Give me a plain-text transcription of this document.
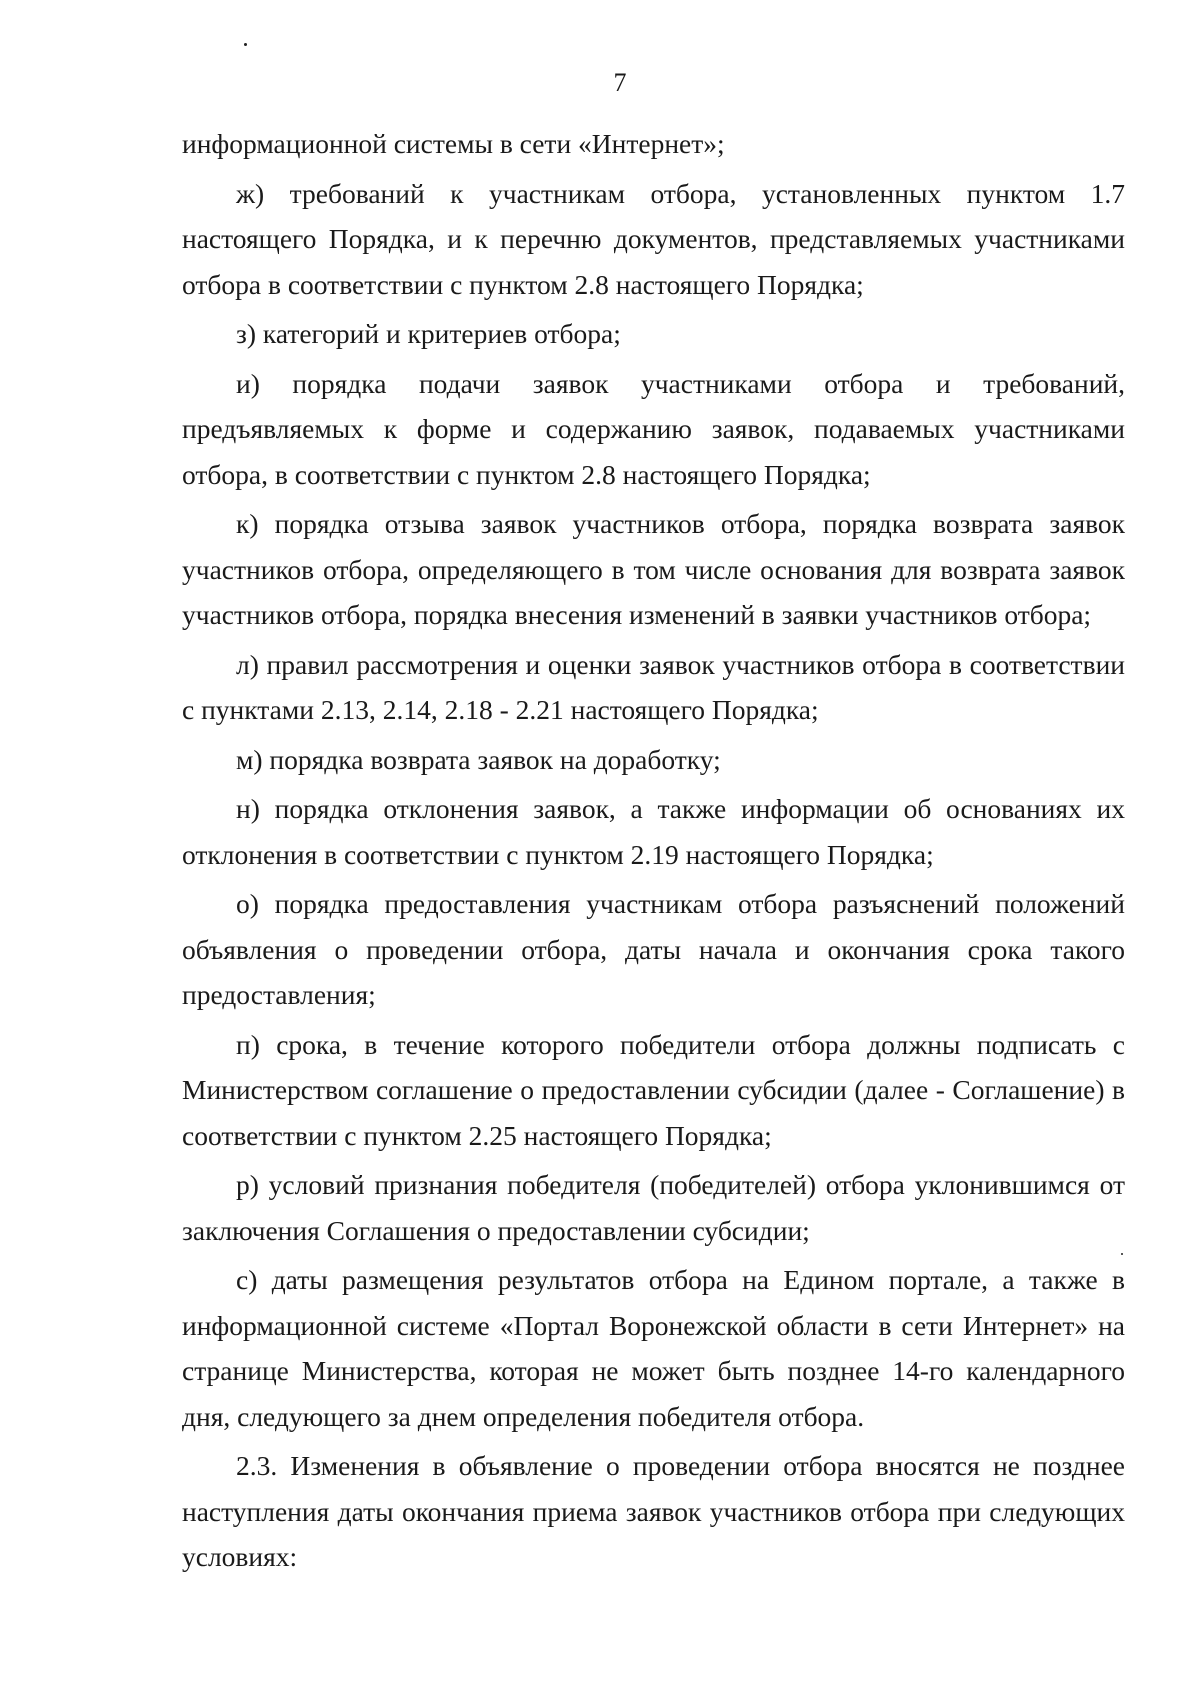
7

информационной системы в сети «Интернет»;

ж) требований к участникам отбора, установленных пунктом 1.7 настоящего Порядка, и к перечню документов, представляемых участниками отбора в соответствии с пунктом 2.8 настоящего Порядка;

з) категорий и критериев отбора;

и) порядка подачи заявок участниками отбора и требований, предъявляемых к форме и содержанию заявок, подаваемых участниками отбора, в соответствии с пунктом 2.8 настоящего Порядка;

к) порядка отзыва заявок участников отбора, порядка возврата заявок участников отбора, определяющего в том числе основания для возврата заявок участников отбора, порядка внесения изменений в заявки участников отбора;

л) правил рассмотрения и оценки заявок участников отбора в соответствии с пунктами 2.13, 2.14, 2.18 - 2.21 настоящего Порядка;

м) порядка возврата заявок на доработку;

н) порядка отклонения заявок, а также информации об основаниях их отклонения в соответствии с пунктом 2.19 настоящего Порядка;

о) порядка предоставления участникам отбора разъяснений положений объявления о проведении отбора, даты начала и окончания срока такого предоставления;

п) срока, в течение которого победители отбора должны подписать с Министерством соглашение о предоставлении субсидии (далее - Соглашение) в соответствии с пунктом 2.25 настоящего Порядка;

р) условий признания победителя (победителей) отбора уклонившимся от заключения Соглашения о предоставлении субсидии;

с) даты размещения результатов отбора на Едином портале, а также в информационной системе «Портал Воронежской области в сети Интернет» на странице Министерства, которая не может быть позднее 14-го календарного дня, следующего за днем определения победителя отбора.

2.3. Изменения в объявление о проведении отбора вносятся не позднее наступления даты окончания приема заявок участников отбора при следующих условиях:
